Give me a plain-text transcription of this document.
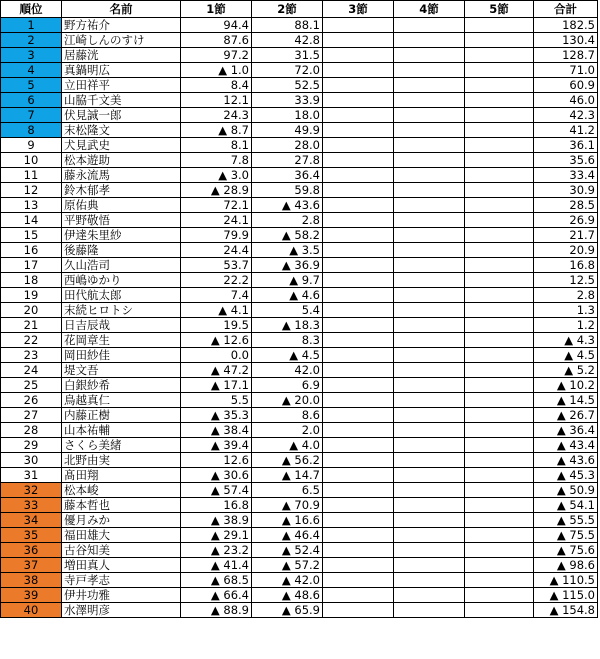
順位	名前	1節	2節	3節	4節	5節	合計
1	野方祐介	94.4	88.1				182.5
2	江崎しんのすけ	87.6	42.8				130.4
3	居藤洸	97.2	31.5				128.7
4	真鍋明広	▲ 1.0	72.0				71.0
5	立田祥平	8.4	52.5				60.9
6	山脇千文美	12.1	33.9				46.0
7	伏見誠一郎	24.3	18.0				42.3
8	末松隆文	▲ 8.7	49.9				41.2
9	犬見武史	8.1	28.0				36.1
10	松本遊助	7.8	27.8				35.6
11	藤永流馬	▲ 3.0	36.4				33.4
12	鈴木郁孝	▲ 28.9	59.8				30.9
13	原佑典	72.1	▲ 43.6				28.5
14	平野敬悟	24.1	2.8				26.9
15	伊達朱里紗	79.9	▲ 58.2				21.7
16	後藤隆	24.4	▲ 3.5				20.9
17	久山浩司	53.7	▲ 36.9				16.8
18	西嶋ゆかり	22.2	▲ 9.7				12.5
19	田代航太郎	7.4	▲ 4.6				2.8
20	末続ヒロトシ	▲ 4.1	5.4				1.3
21	日吉辰哉	19.5	▲ 18.3				1.2
22	花岡章生	▲ 12.6	8.3				▲ 4.3
23	岡田紗佳	0.0	▲ 4.5				▲ 4.5
24	堤文吾	▲ 47.2	42.0				▲ 5.2
25	白銀紗希	▲ 17.1	6.9				▲ 10.2
26	鳥越真仁	5.5	▲ 20.0				▲ 14.5
27	内藤正樹	▲ 35.3	8.6				▲ 26.7
28	山本祐輔	▲ 38.4	2.0				▲ 36.4
29	さくら美緒	▲ 39.4	▲ 4.0				▲ 43.4
30	北野由実	12.6	▲ 56.2				▲ 43.6
31	髙田翔	▲ 30.6	▲ 14.7				▲ 45.3
32	松本峻	▲ 57.4	6.5				▲ 50.9
33	藤本哲也	16.8	▲ 70.9				▲ 54.1
34	優月みか	▲ 38.9	▲ 16.6				▲ 55.5
35	福田雄大	▲ 29.1	▲ 46.4				▲ 75.5
36	古谷知美	▲ 23.2	▲ 52.4				▲ 75.6
37	増田真人	▲ 41.4	▲ 57.2				▲ 98.6
38	寺戸孝志	▲ 68.5	▲ 42.0				▲ 110.5
39	伊井功雅	▲ 66.4	▲ 48.6				▲ 115.0
40	水澤明彦	▲ 88.9	▲ 65.9				▲ 154.8
